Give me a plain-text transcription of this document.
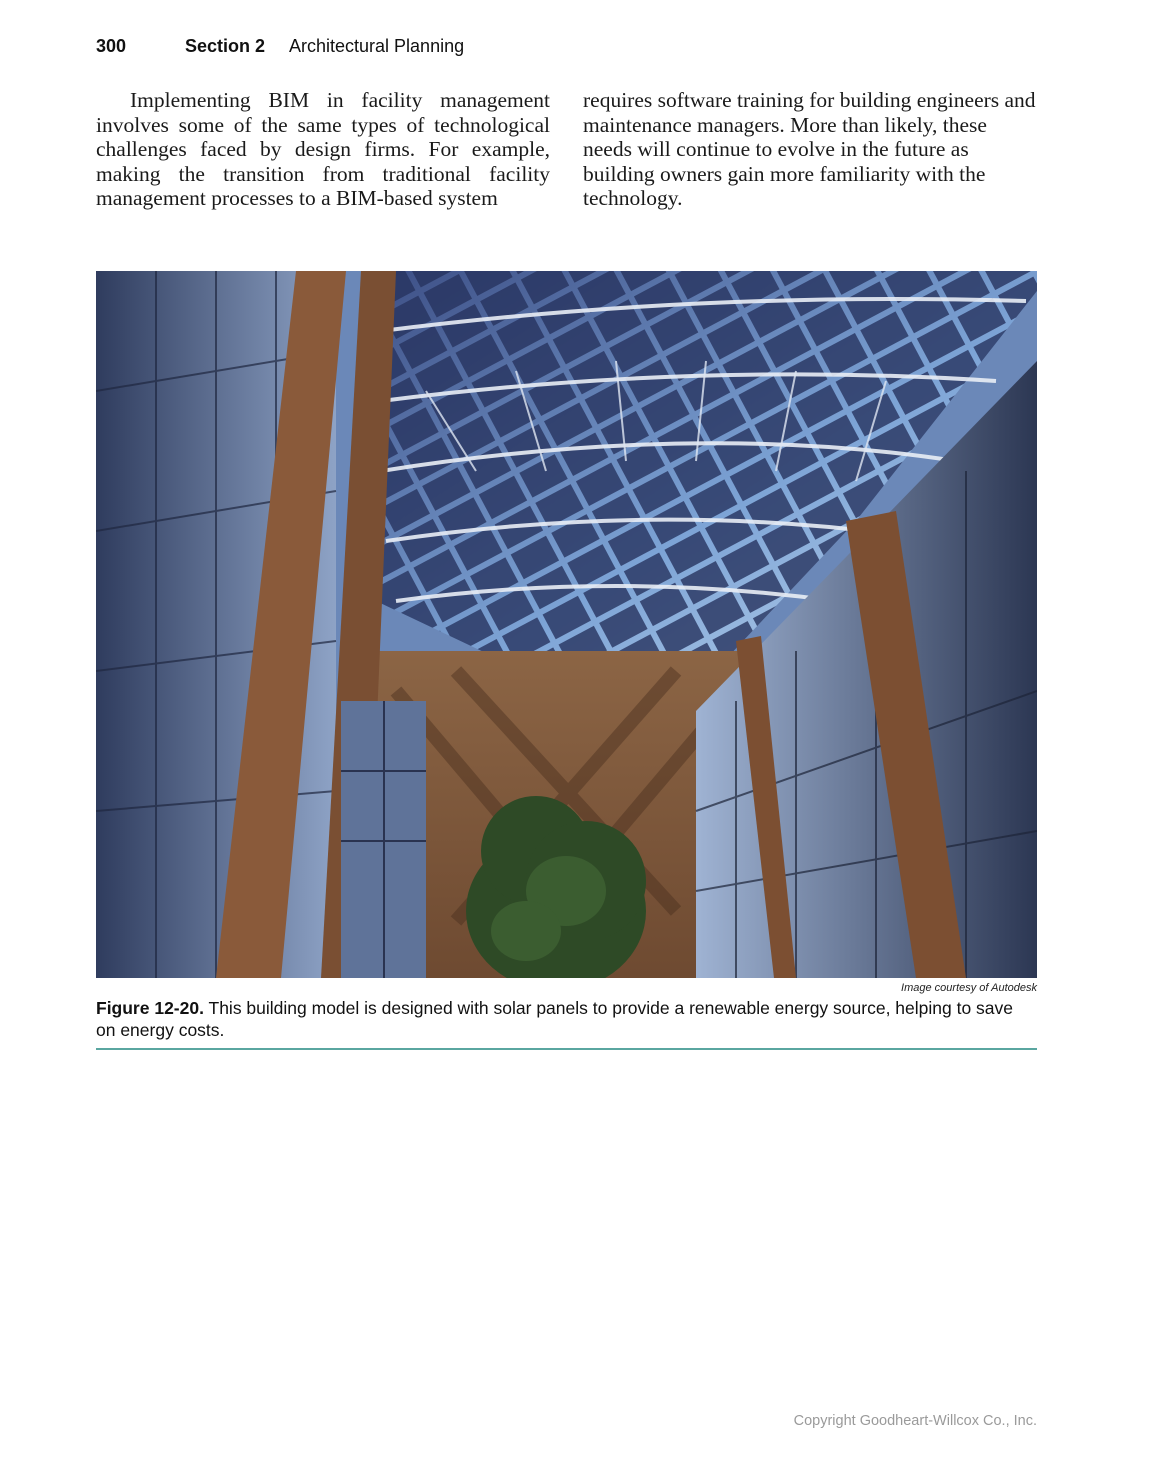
300	Section 2 Architectural Planning

Implementing BIM in facility management involves some of the same types of technological challenges faced by design firms. For example, making the transition from traditional facility management processes to a BIM-based system

requires software training for building engineers and maintenance managers. More than likely, these needs will continue to evolve in the future as building owners gain more familiarity with the technology.

Image courtesy of Autodesk
Figure 12-20. This building model is designed with solar panels to provide a renewable energy source, helping to save on energy costs.
Copyright Goodheart-Willcox Co., Inc.
